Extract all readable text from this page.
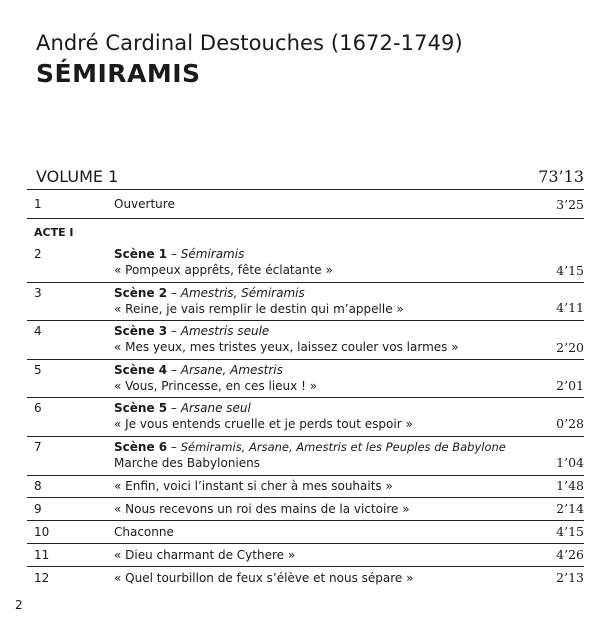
André Cardinal Destouches (1672-1749)
SÉMIRAMIS
VOLUME 1	73’13
1	Ouverture	3’25
ACTE I
2	Scène 1 – Sémiramis
« Pompeux apprêts, fête éclatante »	4’15
3	Scène 2 – Amestris, Sémiramis
« Reine, je vais remplir le destin qui m’appelle »	4’11
4	Scène 3 – Amestris seule
« Mes yeux, mes tristes yeux, laissez couler vos larmes »	2’20
5	Scène 4 – Arsane, Amestris
« Vous, Princesse, en ces lieux ! »	2’01
6	Scène 5 – Arsane seul
« Je vous entends cruelle et je perds tout espoir »	0’28
7	Scène 6 – Sémiramis, Arsane, Amestris et les Peuples de Babylone
Marche des Babyloniens	1’04
8	« Enfin, voici l’instant si cher à mes souhaits »	1’48
9	« Nous recevons un roi des mains de la victoire »	2’14
10	Chaconne	4’15
11	« Dieu charmant de Cythere »	4’26
12	« Quel tourbillon de feux s’élève et nous sépare »	2’13
2
